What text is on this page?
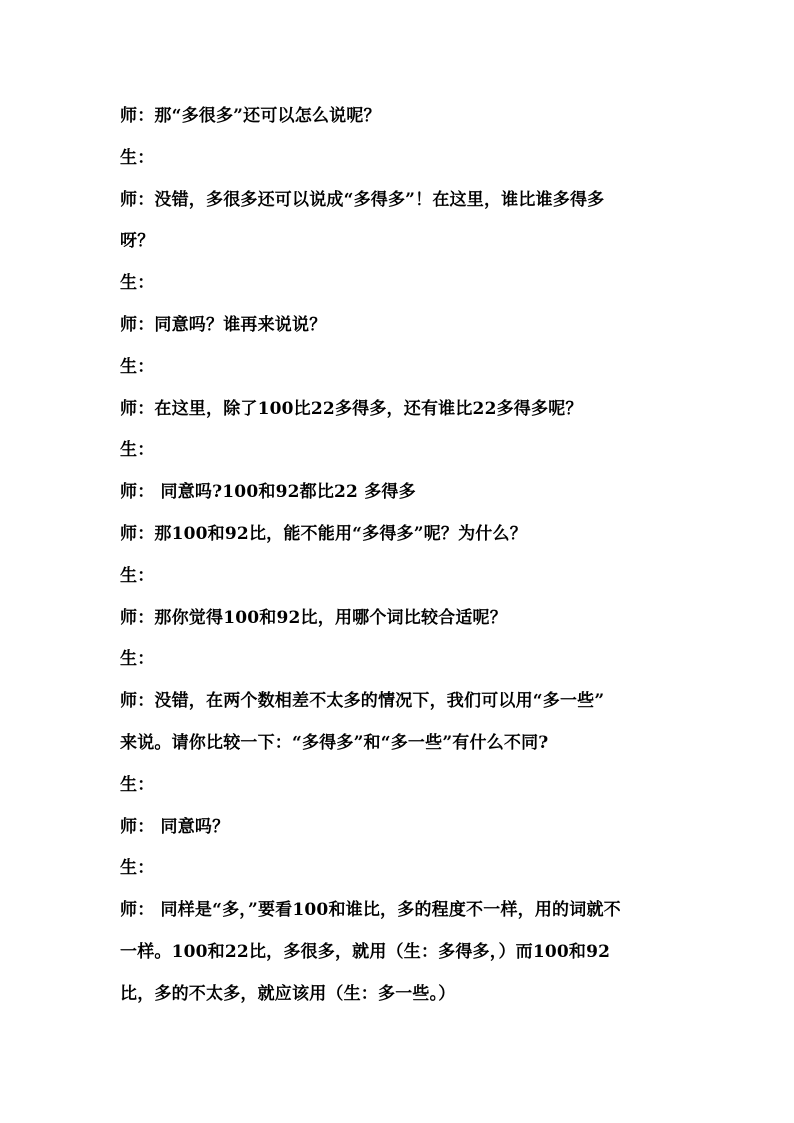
师：那“多很多”还可以怎么说呢？
生：
师：没错，多很多还可以说成“多得多”！在这里，谁比谁多得多
呀？
生：
师：同意吗？谁再来说说？
生：
师：在这里，除了100比22多得多，还有谁比22多得多呢？
生：
师： 同意吗?100和92都比22 多得多
师：那100和92比，能不能用“多得多”呢？为什么？
生：
师：那你觉得100和92比，用哪个词比较合适呢？
生：
师：没错，在两个数相差不太多的情况下，我们可以用“多一些”
来说。请你比较一下：“多得多”和“多一些”有什么不同?
生：
师： 同意吗？
生：
师： 同样是“多，”要看100和谁比，多的程度不一样，用的词就不
一样。100和22比，多很多，就用（生：多得多，）而100和92
比，多的不太多，就应该用（生：多一些。）
